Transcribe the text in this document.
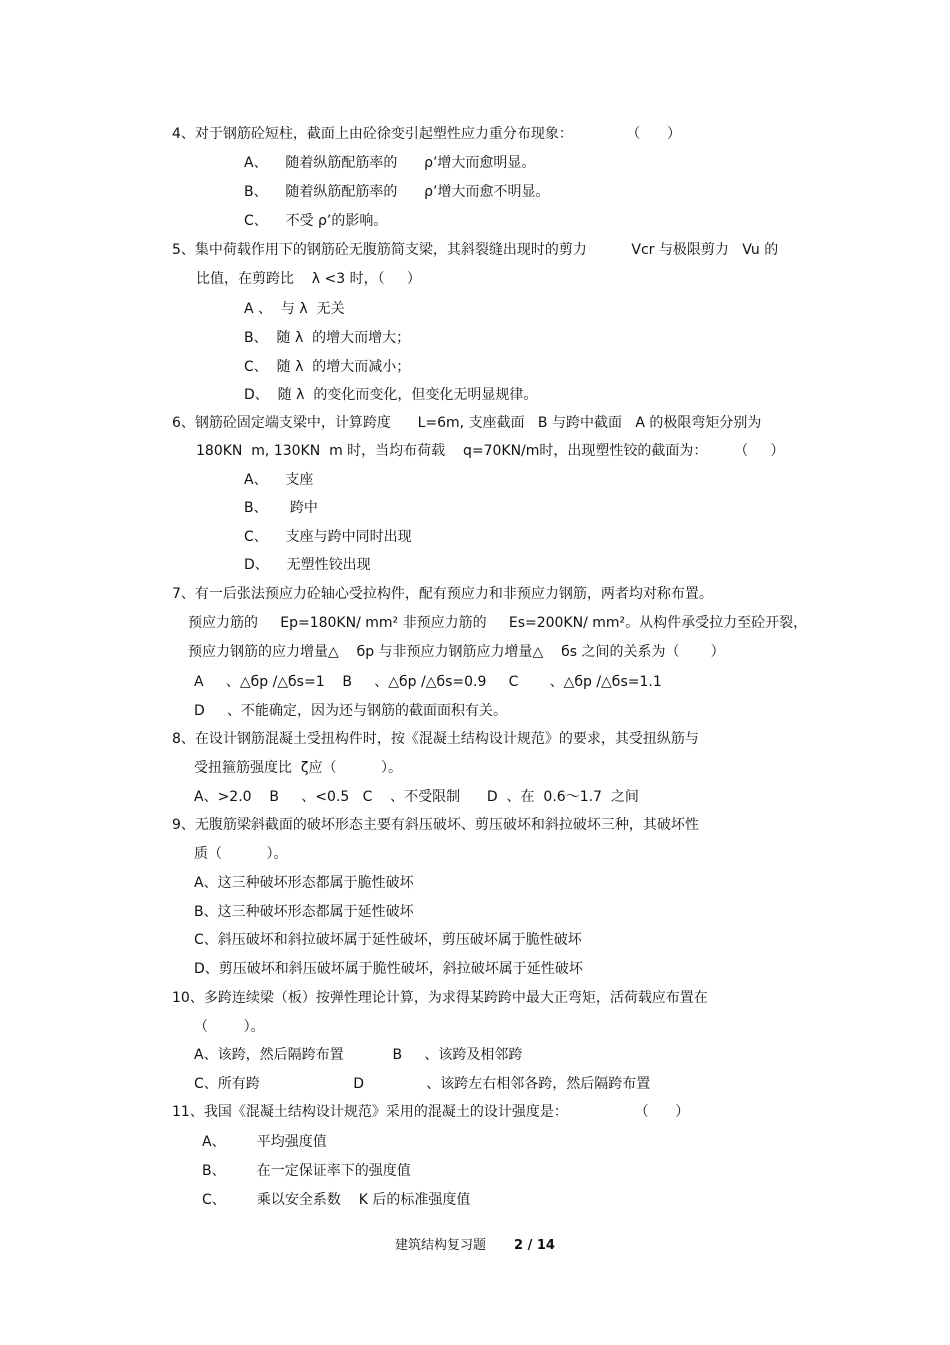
4、对于钢筋砼短柱，截面上由砼徐变引起塑性应力重分布现象：            （      ）
A、    随着纵筋配筋率的      ρ’增大而愈明显。
B、    随着纵筋配筋率的      ρ’增大而愈不明显。
C、    不受 ρ’的影响。
5、集中荷载作用下的钢筋砼无腹筋简支梁，其斜裂缝出现时的剪力          Vcr 与极限剪力   Vu 的
比值，在剪跨比    λ <3 时，（     ）
A 、  与 λ  无关
B、  随 λ  的增大而增大；
C、  随 λ  的增大而减小；
D、  随 λ  的变化而变化，但变化无明显规律。
6、钢筋砼固定端支梁中，计算跨度      L=6m, 支座截面   B 与跨中截面   A 的极限弯矩分别为
180KN  m, 130KN  m 时，当均布荷载    q=70KN/m时，出现塑性铰的截面为：      （     ）
A、    支座
B、     跨中
C、    支座与跨中同时出现
D、    无塑性铰出现
7、有一后张法预应力砼轴心受拉构件，配有预应力和非预应力钢筋，两者均对称布置。
预应力筋的     Ep=180KN/ mm² 非预应力筋的     Es=200KN/ mm²。从构件承受拉力至砼开裂，
预应力钢筋的应力增量△    бp 与非预应力钢筋应力增量△    бs 之间的关系为（       ）
A     、△бp /△бs=1    B     、△бp /△бs=0.9     C       、△бp /△бs=1.1
D     、不能确定，因为还与钢筋的截面面积有关。
8、在设计钢筋混凝土受扭构件时，按《混凝土结构设计规范》的要求，其受扭纵筋与
受扭箍筋强度比  ζ应（          ）。
A、>2.0    B     、<0.5   C    、不受限制      D  、在  0.6～1.7  之间
9、无腹筋梁斜截面的破坏形态主要有斜压破坏、剪压破坏和斜拉破坏三种，其破坏性
质（          ）。
A、这三种破坏形态都属于脆性破坏
B、这三种破坏形态都属于延性破坏
C、斜压破坏和斜拉破坏属于延性破坏，剪压破坏属于脆性破坏
D、剪压破坏和斜压破坏属于脆性破坏，斜拉破坏属于延性破坏
10、多跨连续梁（板）按弹性理论计算，为求得某跨跨中最大正弯矩，活荷载应布置在
（        ）。
A、该跨，然后隔跨布置           B     、该跨及相邻跨
C、所有跨                     D              、该跨左右相邻各跨，然后隔跨布置
11、我国《混凝土结构设计规范》采用的混凝土的设计强度是：               （      ）
A、       平均强度值
B、       在一定保证率下的强度值
C、       乘以安全系数    K 后的标准强度值
建筑结构复习题 2 / 14
